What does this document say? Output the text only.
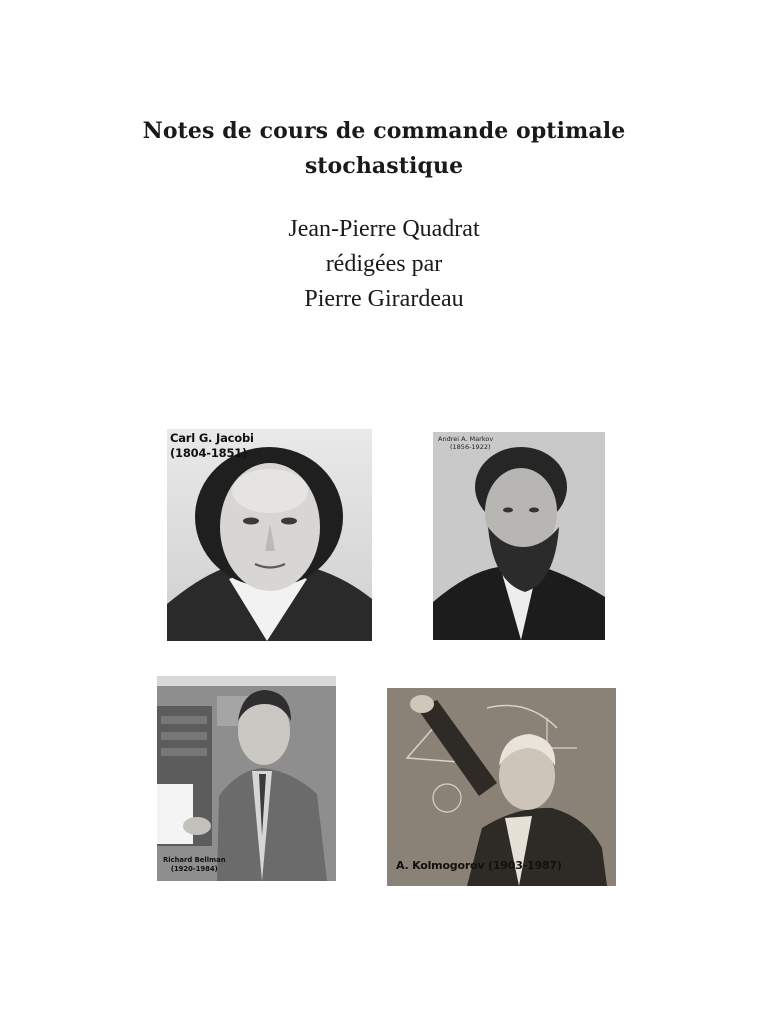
Notes de cours de commande optimale
stochastique
Jean-Pierre Quadrat
rédigées par
Pierre Girardeau
Carl G. Jacobi
(1804-1851)
Andrei A. Markov
(1856-1922)
Richard Bellman
(1920-1984)	A. Kolmogorov (1903-1987)
